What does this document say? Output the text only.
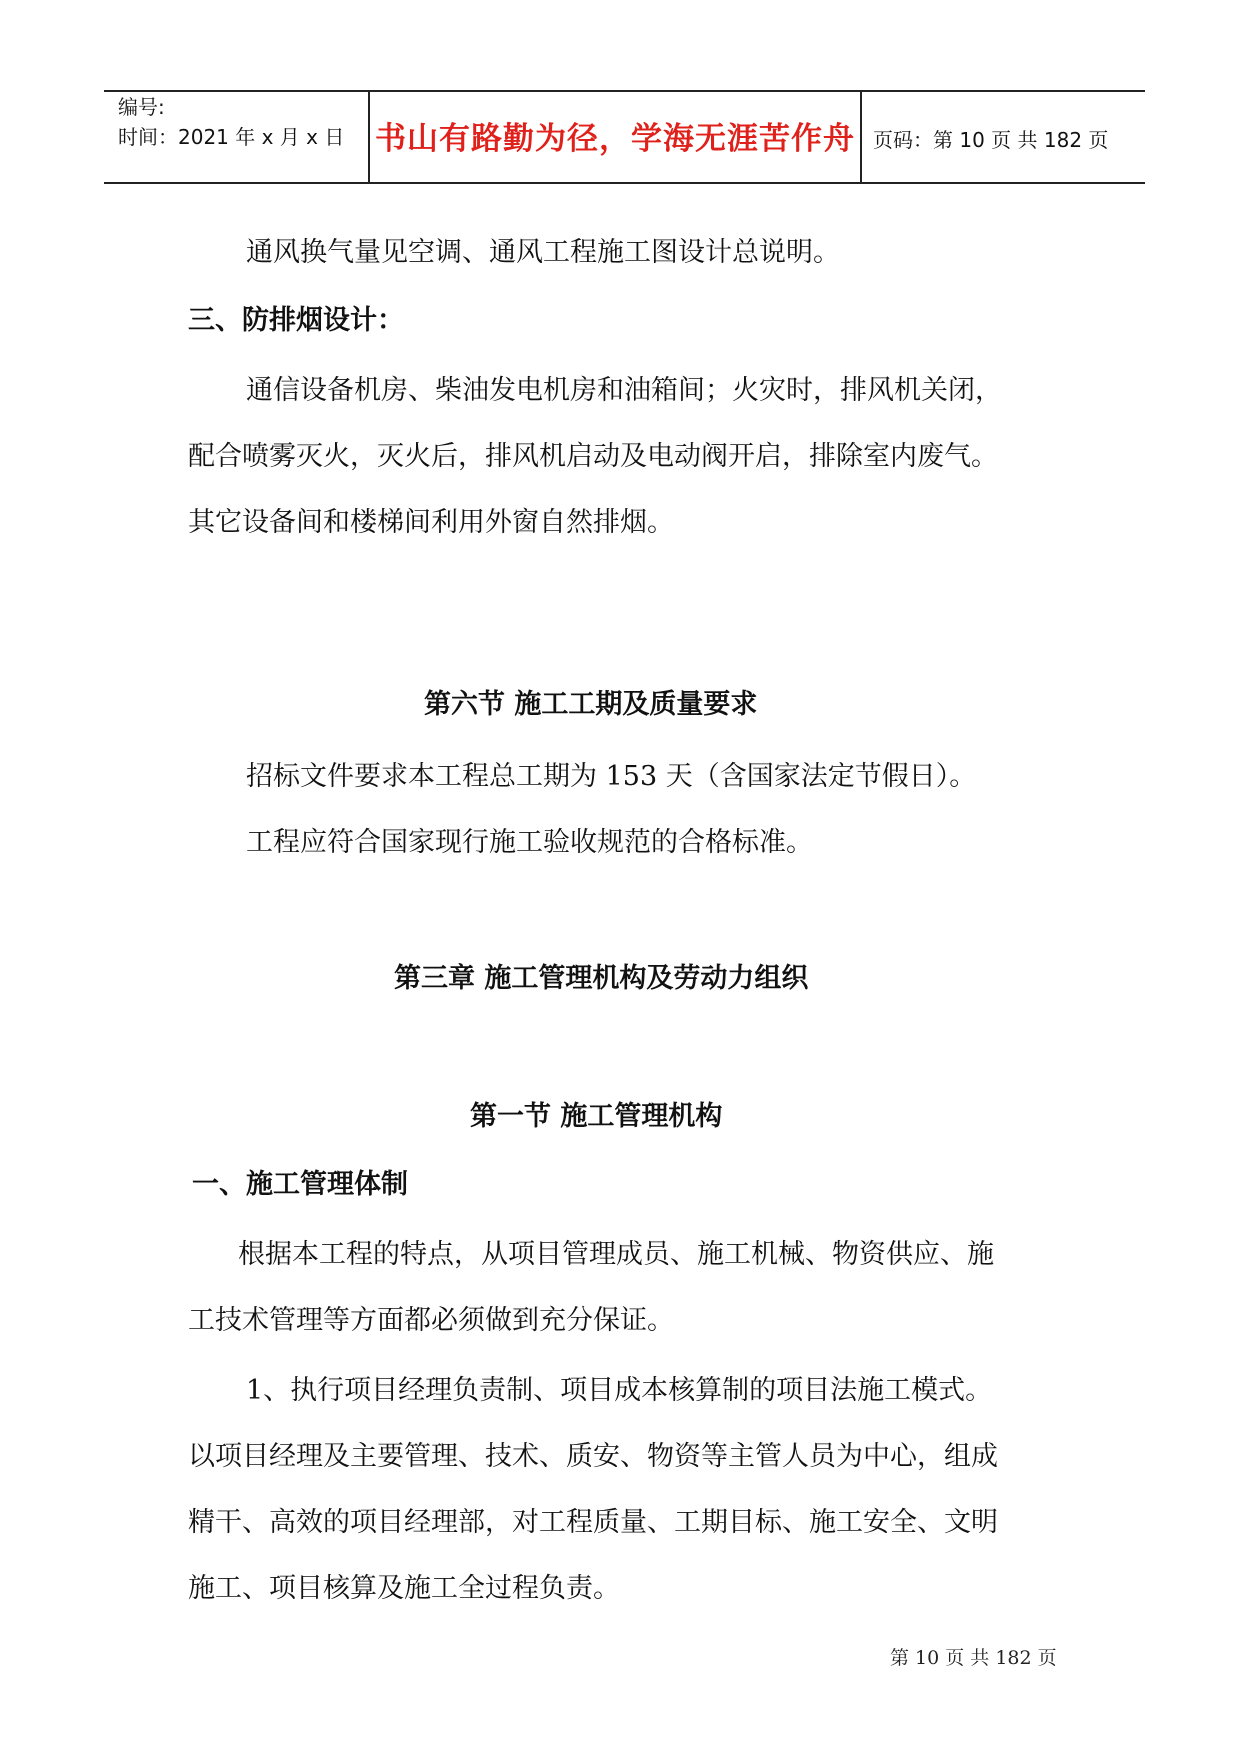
编号:
时间：2021 年 x 月 x 日 书山有路勤为径，学海无涯苦作舟 页码：第 10 页 共 182 页
通风换气量见空调、通风工程施工图设计总说明。
三、防排烟设计：
通信设备机房、柴油发电机房和油箱间；火灾时，排风机关闭，
配合喷雾灭火，灭火后，排风机启动及电动阀开启，排除室内废气。
其它设备间和楼梯间利用外窗自然排烟。
第六节 施工工期及质量要求
招标文件要求本工程总工期为 153 天（含国家法定节假日）。
工程应符合国家现行施工验收规范的合格标准。
第三章 施工管理机构及劳动力组织
第一节 施工管理机构
一、施工管理体制
根据本工程的特点，从项目管理成员、施工机械、物资供应、施
工技术管理等方面都必须做到充分保证。
1、执行项目经理负责制、项目成本核算制的项目法施工模式。
以项目经理及主要管理、技术、质安、物资等主管人员为中心，组成
精干、高效的项目经理部，对工程质量、工期目标、施工安全、文明
施工、项目核算及施工全过程负责。
第 10 页 共 182 页
